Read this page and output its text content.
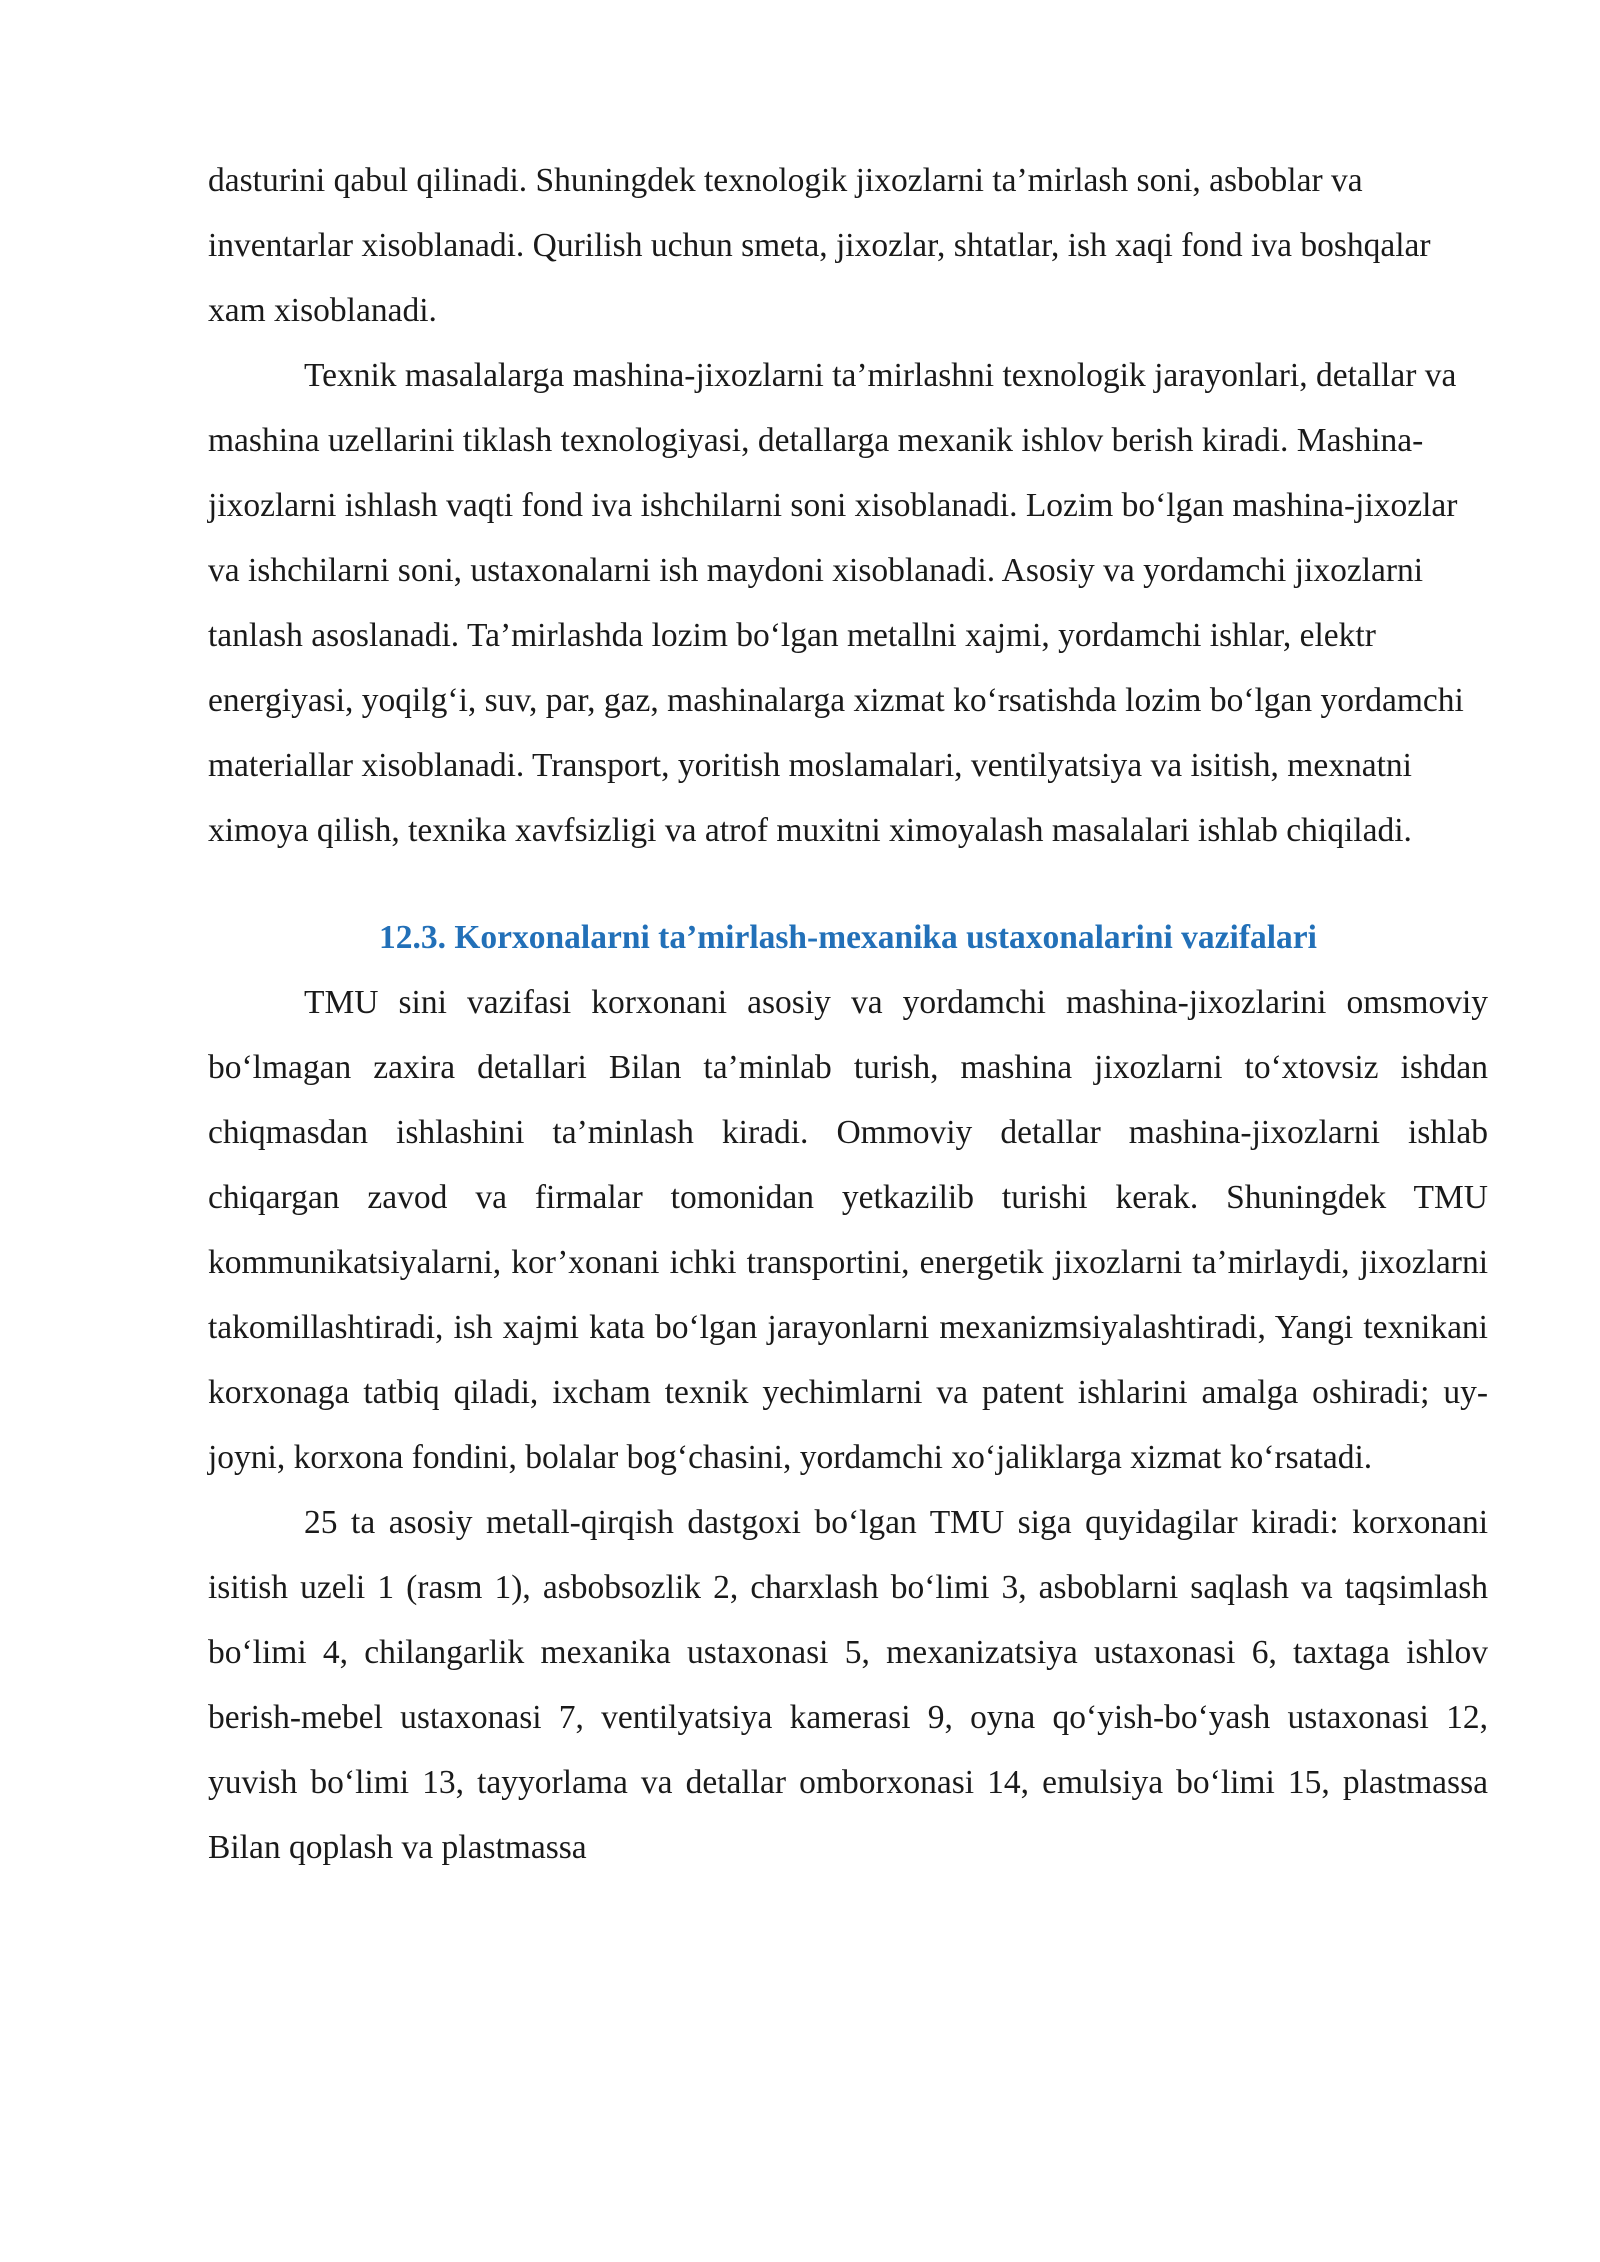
dasturini qabul qilinadi. Shuningdek texnologik jixozlarni ta’mirlash soni, asboblar va inventarlar xisoblanadi. Qurilish uchun smeta, jixozlar, shtatlar, ish xaqi fond iva boshqalar xam xisoblanadi.

Texnik masalalarga mashina-jixozlarni ta’mirlashni texnologik jarayonlari, detallar va mashina uzellarini tiklash texnologiyasi, detallarga mexanik ishlov berish kiradi. Mashina-jixozlarni ishlash vaqti fond iva ishchilarni soni xisoblanadi. Lozim bo‘lgan mashina-jixozlar va ishchilarni soni, ustaxonalarni ish maydoni xisoblanadi. Asosiy va yordamchi jixozlarni tanlash asoslanadi. Ta’mirlashda lozim bo‘lgan metallni xajmi, yordamchi ishlar, elektr energiyasi, yoqilg‘i, suv, par, gaz, mashinalarga xizmat ko‘rsatishda lozim bo‘lgan yordamchi materiallar xisoblanadi. Transport, yoritish moslamalari, ventilyatsiya va isitish, mexnatni ximoya qilish, texnika xavfsizligi va atrof muxitni ximoyalash masalalari ishlab chiqiladi.

12.3. Korxonalarni ta’mirlash-mexanika ustaxonalarini vazifalari

TMU sini vazifasi korxonani asosiy va yordamchi mashina-jixozlarini omsmoviy bo‘lmagan zaxira detallari Bilan ta’minlab turish, mashina jixozlarni to‘xtovsiz ishdan chiqmasdan ishlashini ta’minlash kiradi. Ommoviy detallar mashina-jixozlarni ishlab chiqargan zavod va firmalar tomonidan yetkazilib turishi kerak. Shuningdek TMU kommunikatsiyalarni, kor’xonani ichki transportini, energetik jixozlarni ta’mirlaydi, jixozlarni takomillashtiradi, ish xajmi kata bo‘lgan jarayonlarni mexanizmsiyalashtiradi, Yangi texnikani korxonaga tatbiq qiladi, ixcham texnik yechimlarni va patent ishlarini amalga oshiradi; uy-joyni, korxona fondini, bolalar bog‘chasini, yordamchi xo‘jaliklarga xizmat ko‘rsatadi.

25 ta asosiy metall-qirqish dastgoxi bo‘lgan TMU siga quyidagilar kiradi: korxonani isitish uzeli 1 (rasm 1), asbobsozlik 2, charxlash bo‘limi 3, asboblarni saqlash va taqsimlash bo‘limi 4, chilangarlik mexanika ustaxonasi 5, mexanizatsiya ustaxonasi 6, taxtaga ishlov berish-mebel ustaxonasi 7, ventilyatsiya kamerasi 9, oyna qo‘yish-bo‘yash ustaxonasi 12, yuvish bo‘limi 13, tayyorlama va detallar omborxonasi 14, emulsiya bo‘limi 15, plastmassa Bilan qoplash va plastmassa
